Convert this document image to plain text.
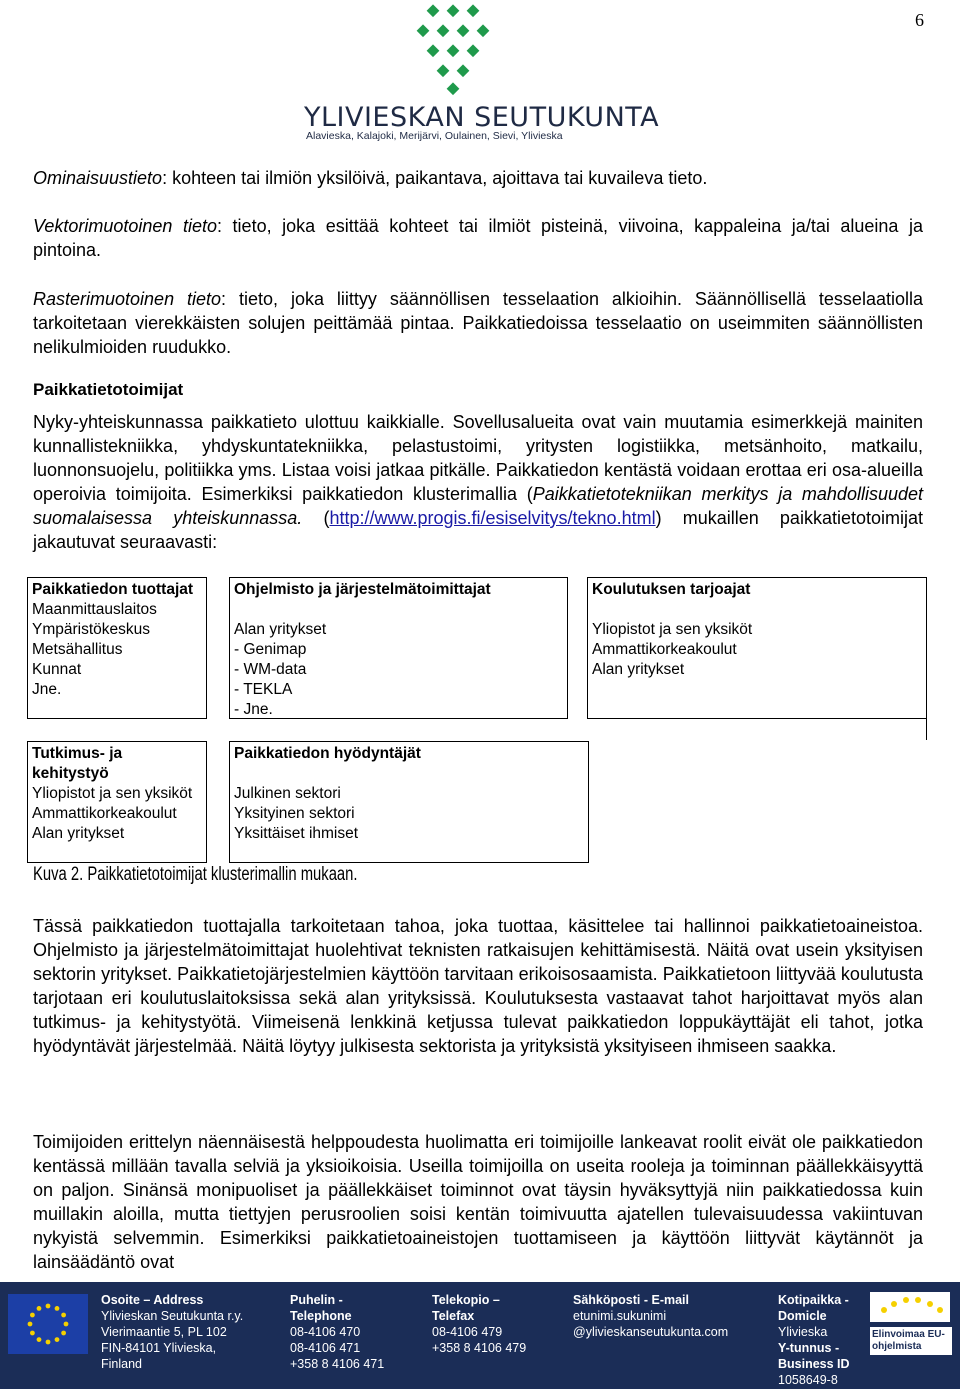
6
YLIVIESKAN SEUTUKUNTA
Alavieska, Kalajoki, Merijärvi, Oulainen, Sievi, Ylivieska

Ominaisuustieto: kohteen tai ilmiön yksilöivä, paikantava, ajoittava tai kuvaileva tieto.

Vektorimuotoinen tieto: tieto, joka esittää kohteet tai ilmiöt pisteinä, viivoina, kappaleina ja/tai alueina ja pintoina.

Rasterimuotoinen tieto: tieto, joka liittyy säännöllisen tesselaation alkioihin. Säännöllisellä tesselaatiolla tarkoitetaan vierekkäisten solujen peittämää pintaa. Paikkatiedoissa tesselaatio on useimmiten säännöllisten nelikulmioiden ruudukko.

Paikkatietotoimijat

Nyky-yhteiskunnassa paikkatieto ulottuu kaikkialle. Sovellusalueita ovat vain muutamia esimerkkejä mainiten kunnallistekniikka, yhdyskuntatekniikka, pelastustoimi, yritysten logistiikka, metsänhoito, matkailu, luonnonsuojelu, politiikka yms. Listaa voisi jatkaa pitkälle. Paikkatiedon kentästä voidaan erottaa eri osa-alueilla operoivia toimijoita. Esimerkiksi paikkatiedon klusterimallia (Paikkatietotekniikan merkitys ja mahdollisuudet suomalaisessa yhteiskunnassa. (http://www.progis.fi/esiselvitys/tekno.html) mukaillen paikkatietotoimijat jakautuvat seuraavasti:

Paikkatiedon tuottajat
Maanmittauslaitos
Ympäristökeskus
Metsähallitus
Kunnat
Jne.
Ohjelmisto ja järjestelmätoimittajat
Alan yritykset
- Genimap
- WM-data
- TEKLA
- Jne.
Koulutuksen tarjoajat
Yliopistot ja sen yksiköt
Ammattikorkeakoulut
Alan yritykset
Tutkimus- ja kehitystyö
Yliopistot ja sen yksiköt
Ammattikorkeakoulut
Alan yritykset
Paikkatiedon hyödyntäjät
Julkinen sektori
Yksityinen sektori
Yksittäiset ihmiset
Kuva 2. Paikkatietotoimijat klusterimallin mukaan.

Tässä paikkatiedon tuottajalla tarkoitetaan tahoa, joka tuottaa, käsittelee tai hallinnoi paikkatietoaineistoa. Ohjelmisto ja järjestelmätoimittajat huolehtivat teknisten ratkaisujen kehittämisestä. Näitä ovat usein yksityisen sektorin yritykset. Paikkatietojärjestelmien käyttöön tarvitaan erikoisosaamista. Paikkatietoon liittyvää koulutusta tarjotaan eri koulutuslaitoksissa sekä alan yrityksissä. Koulutuksesta vastaavat tahot harjoittavat myös alan tutkimus- ja kehitystyötä. Viimeisenä lenkkinä ketjussa tulevat paikkatiedon loppukäyttäjät eli tahot, jotka hyödyntävät järjestelmää. Näitä löytyy julkisesta sektorista ja yrityksistä yksityiseen ihmiseen saakka.

Toimijoiden erittelyn näennäisestä helppoudesta huolimatta eri toimijoille lankeavat roolit eivät ole paikkatiedon kentässä millään tavalla selviä ja yksioikoisia. Useilla toimijoilla on useita rooleja ja toiminnan päällekkäisyyttä on paljon. Sinänsä monipuoliset ja päällekkäiset toiminnot ovat täysin hyväksyttyjä niin paikkatiedossa kuin muillakin aloilla, mutta tiettyjen perusroolien soisi kentän toimivuutta ajatellen tulevaisuudessa vakiintuvan nykyistä selvemmin. Esimerkiksi paikkatietoaineistojen tuottamiseen ja käyttöön liittyvät käytännöt ja lainsäädäntö ovat

Osoite – Address
Ylivieskan Seutukunta r.y.
Vierimaantie 5, PL 102
FIN-84101 Ylivieska,
Finland
Puhelin -
Telephone
08-4106 470
08-4106 471
+358 8 4106 471
Telekopio –
Telefax
08-4106 479
+358 8 4106 479
Sähköposti - E-mail
etunimi.sukunimi
@ylivieskanseutukunta.com
Kotipaikka -
Domicle
Ylivieska
Y-tunnus -
Business ID
1058649-8
Elinvoimaa EU-ohjelmista
